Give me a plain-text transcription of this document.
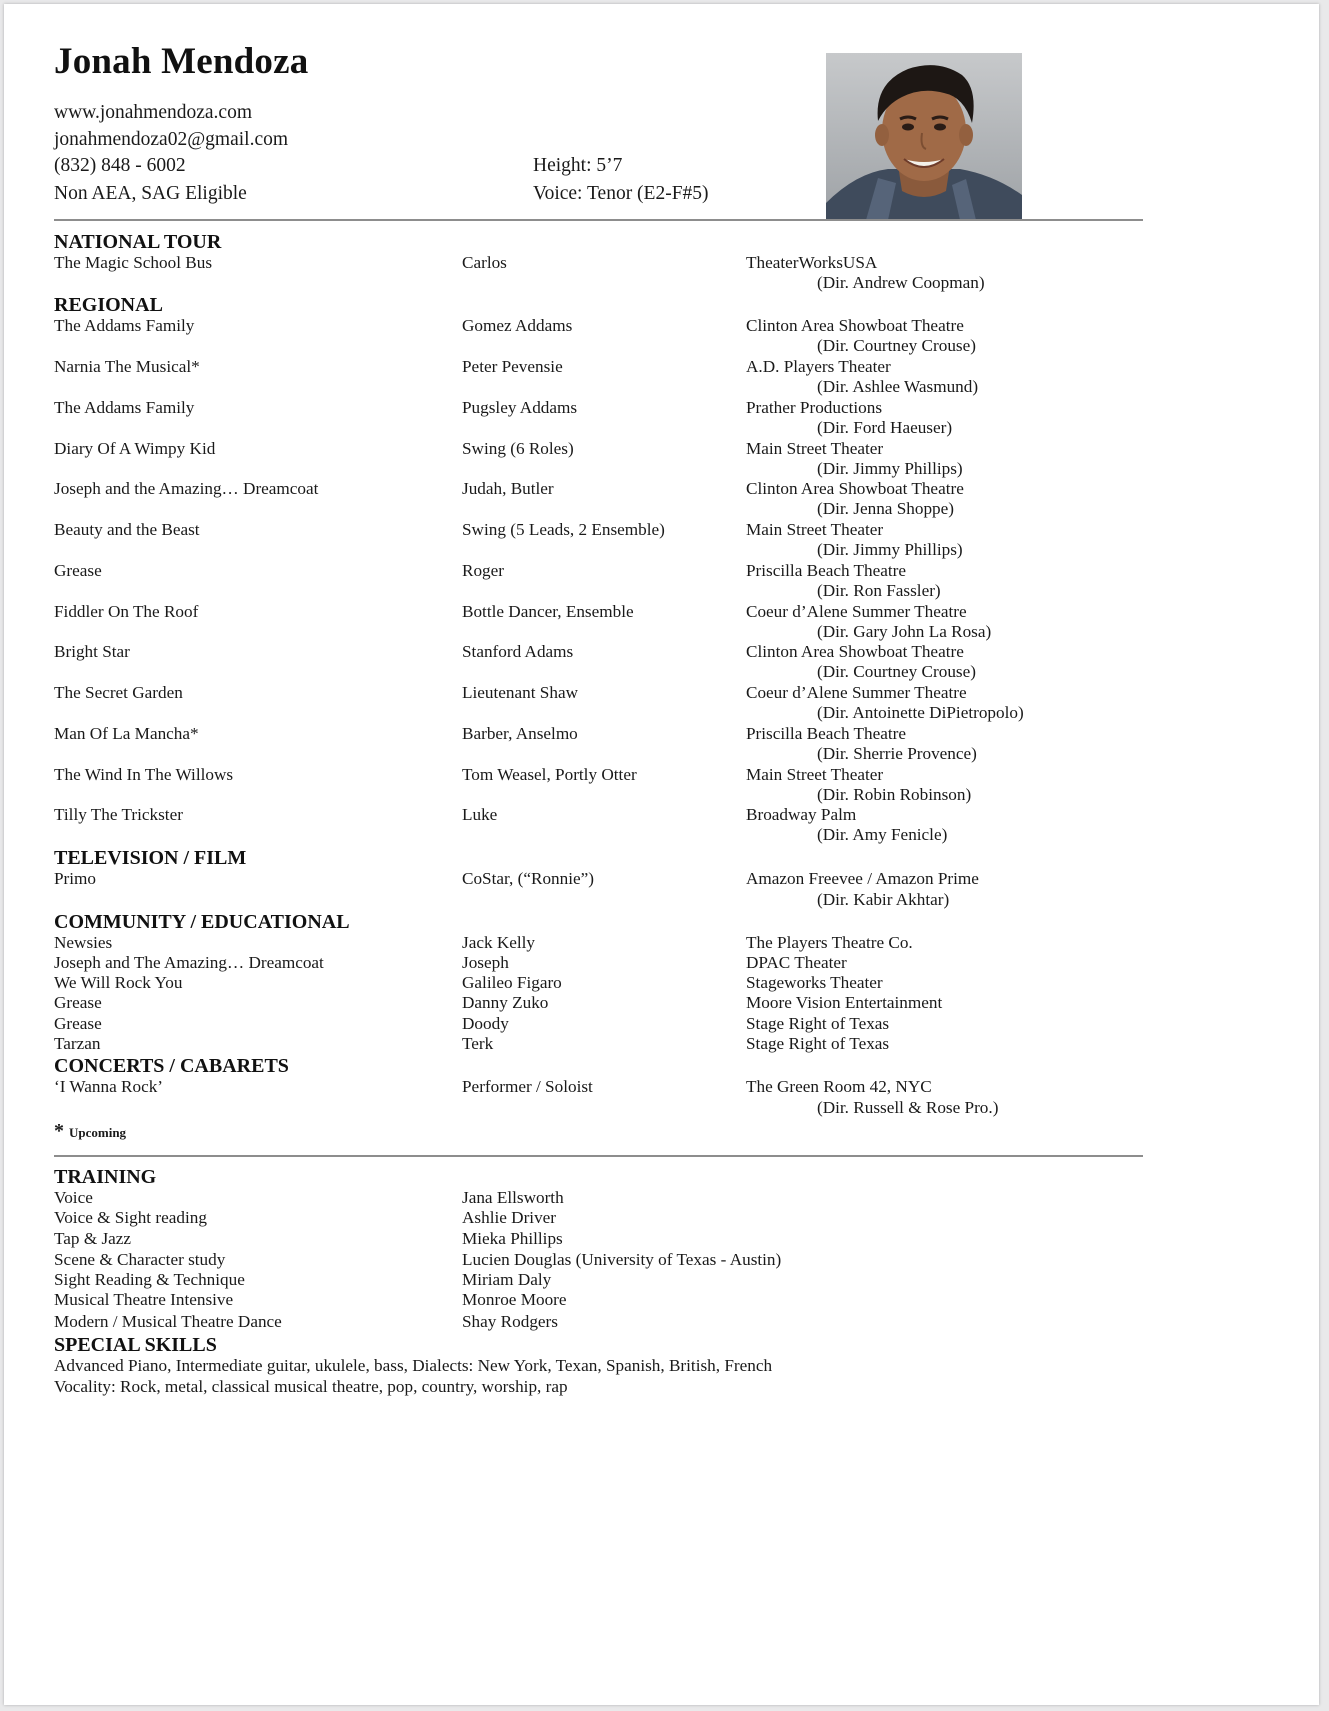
Jonah Mendoza
www.jonahmendoza.com
jonahmendoza02@gmail.com
(832) 848 - 6002
Non AEA, SAG Eligible
Height: 5’7
Voice: Tenor (E2-F#5)
NATIONAL TOUR
The Magic School Bus	Carlos	TheaterWorksUSA
(Dir. Andrew Coopman)
REGIONAL
The Addams Family	Gomez Addams	Clinton Area Showboat Theatre
(Dir. Courtney Crouse)
Narnia The Musical*	Peter Pevensie	A.D. Players Theater
(Dir. Ashlee Wasmund)
The Addams Family	Pugsley Addams	Prather Productions
(Dir. Ford Haeuser)
Diary Of A Wimpy Kid	Swing (6 Roles)	Main Street Theater
(Dir. Jimmy Phillips)
Joseph and the Amazing… Dreamcoat	Judah, Butler	Clinton Area Showboat Theatre
(Dir. Jenna Shoppe)
Beauty and the Beast	Swing (5 Leads, 2 Ensemble)	Main Street Theater
(Dir. Jimmy Phillips)
Grease	Roger	Priscilla Beach Theatre
(Dir. Ron Fassler)
Fiddler On The Roof	Bottle Dancer, Ensemble	Coeur d’Alene Summer Theatre
(Dir. Gary John La Rosa)
Bright Star	Stanford Adams	Clinton Area Showboat Theatre
(Dir. Courtney Crouse)
The Secret Garden	Lieutenant Shaw	Coeur d’Alene Summer Theatre
(Dir. Antoinette DiPietropolo)
Man Of La Mancha*	Barber, Anselmo	Priscilla Beach Theatre
(Dir. Sherrie Provence)
The Wind In The Willows	Tom Weasel, Portly Otter	Main Street Theater
(Dir. Robin Robinson)
Tilly The Trickster	Luke	Broadway Palm
(Dir. Amy Fenicle)
TELEVISION / FILM
Primo	CoStar, (“Ronnie”)	Amazon Freevee / Amazon Prime
(Dir. Kabir Akhtar)
COMMUNITY / EDUCATIONAL
Newsies	Jack Kelly	The Players Theatre Co.
Joseph and The Amazing… Dreamcoat	Joseph	DPAC Theater
We Will Rock You	Galileo Figaro	Stageworks Theater
Grease	Danny Zuko	Moore Vision Entertainment
Grease	Doody	Stage Right of Texas
Tarzan	Terk	Stage Right of Texas
CONCERTS / CABARETS
‘I Wanna Rock’	Performer / Soloist	The Green Room 42, NYC
(Dir. Russell & Rose Pro.)
* Upcoming
TRAINING
Voice	Jana Ellsworth
Voice & Sight reading	Ashlie Driver
Tap & Jazz	Mieka Phillips
Scene & Character study	Lucien Douglas (University of Texas - Austin)
Sight Reading & Technique	Miriam Daly
Musical Theatre Intensive	Monroe Moore
Modern / Musical Theatre Dance	Shay Rodgers
SPECIAL SKILLS
Advanced Piano, Intermediate guitar, ukulele, bass, Dialects: New York, Texan, Spanish, British, French
Vocality: Rock, metal, classical musical theatre, pop, country, worship, rap
